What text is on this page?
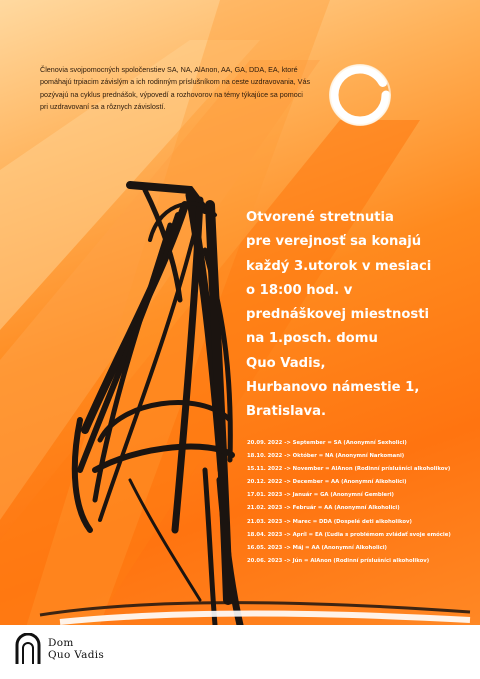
Členovia svojpomocných spoločenstiev SA, NA, AlAnon, AA, GA, DDA, EA, ktoré pomáhajú trpiacim závislým a ich rodinným príslušníkom na ceste uzdravovania, Vás pozývajú na cyklus prednášok, výpovedí a rozhovorov na témy týkajúce sa pomoci pri uzdravovaní sa a rôznych závislostí.
Otvorené stretnutia
pre verejnosť sa konajú
každý 3.utorok v mesiaci
o 18:00 hod. v
prednáškovej miestnosti
na 1.posch. domu
Quo Vadis,
Hurbanovo námestie 1,
Bratislava.
20.09. 2022 -> September = SA (Anonymní Sexholici)
18.10. 2022 -> Október = NA (Anonymní Narkomani)
15.11. 2022 -> November = AlAnon (Rodinní príslušníci alkoholikov)
20.12. 2022 -> December = AA (Anonymní Alkoholici)
17.01. 2023 -> Január = GA (Anonymní Gembleri)
21.02. 2023 -> Február = AA (Anonymní Alkoholici)
21.03. 2023 -> Marec = DDA (Dospelé deti alkoholikov)
18.04. 2023 -> Apríl = EA (Ľudia s problémom zvládať svoje emócie)
16.05. 2023 -> Máj = AA (Anonymní Alkoholici)
20.06. 2023 -> Jún = AlAnon (Rodinní príslušníci alkoholikov)
Dom
Quo Vadis
